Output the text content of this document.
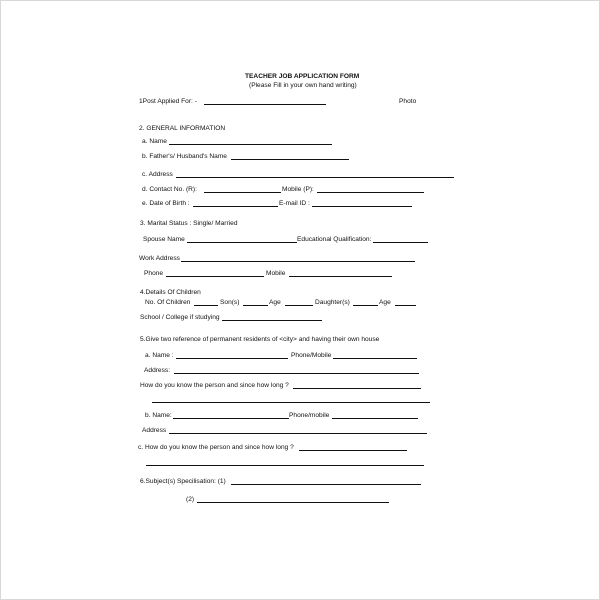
TEACHER JOB APPLICATION FORM
(Please Fill in your own hand writing)
1Post Applied For: -	Photo
2. GENERAL INFORMATION
a. Name
b. Father's/ Husband's Name
c. Address
d. Contact No. (R):	Mobile (P):
e. Date of Birth :	E-mail ID :
3. Marital Status : Single/ Married
Spouse Name	Educational Qualification:
Work Address
Phone	Mobile
4.Details Of Children
No. Of Children	Son(s)	Age	Daughter(s)	Age
School / College if studying
5.Give two reference of permanent residents of <city> and having their own house
a. Name :	Phone/Mobile
Address:
How do you know the person and since how long ?
b. Name:	Phone/mobile
Address
c. How do you know the person and since how long ?
6.Subject(s) Specilisation: (1)
(2)
